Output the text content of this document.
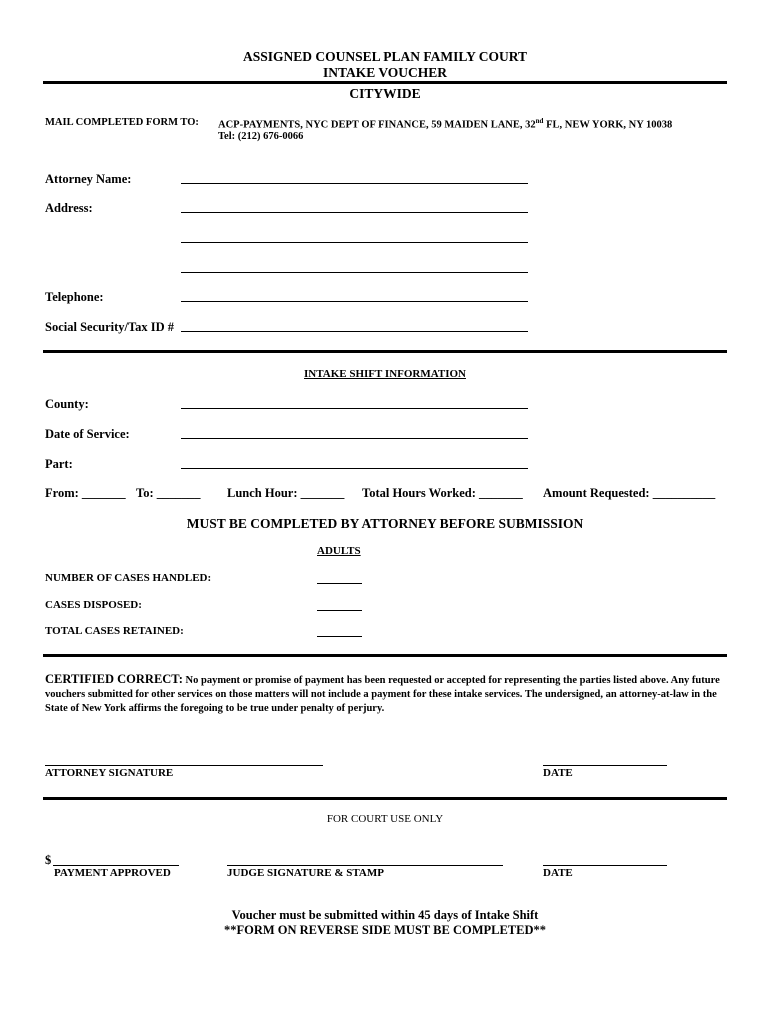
ASSIGNED COUNSEL PLAN FAMILY COURT
INTAKE VOUCHER
CITYWIDE
MAIL COMPLETED FORM TO: ACP-PAYMENTS, NYC DEPT OF FINANCE, 59 MAIDEN LANE, 32nd FL, NEW YORK, NY 10038
Tel: (212) 676-0066
Attorney Name:
Address:
Telephone:
Social Security/Tax ID #
INTAKE SHIFT INFORMATION
County:
Date of Service:
Part:
From: _______ To: _______ Lunch Hour: _______ Total Hours Worked: _______ Amount Requested: __________
MUST BE COMPLETED BY ATTORNEY BEFORE SUBMISSION
ADULTS
NUMBER OF CASES HANDLED:
CASES DISPOSED:
TOTAL CASES RETAINED:
CERTIFIED CORRECT: No payment or promise of payment has been requested or accepted for representing the parties listed above. Any future vouchers submitted for other services on those matters will not include a payment for these intake services. The undersigned, an attorney-at-law in the State of New York affirms the foregoing to be true under penalty of perjury.
ATTORNEY SIGNATURE	DATE
FOR COURT USE ONLY
$
PAYMENT APPROVED	JUDGE SIGNATURE & STAMP	DATE
Voucher must be submitted within 45 days of Intake Shift
**FORM ON REVERSE SIDE MUST BE COMPLETED**
